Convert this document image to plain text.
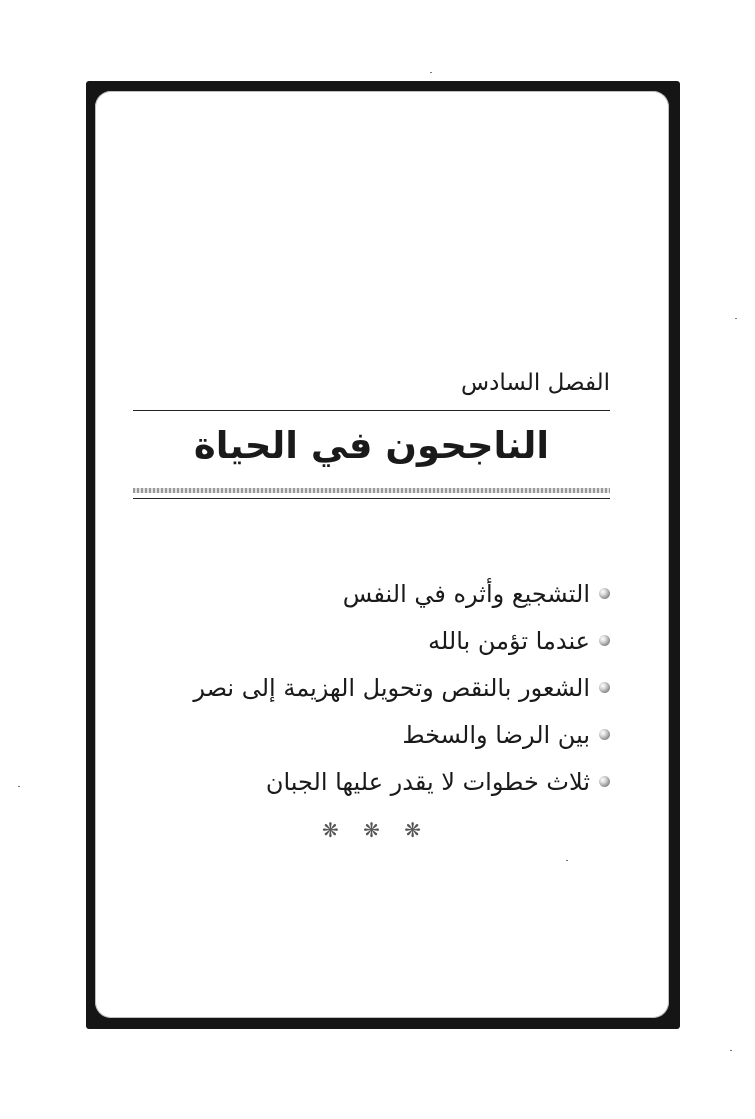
الفصل السادس
الناجحون في الحياة
التشجيع وأثره في النفس
عندما تؤمن بالله
الشعور بالنقص وتحويل الهزيمة إلى نصر
بين الرضا والسخط
ثلاث خطوات لا يقدر عليها الجبان
❋ ❋ ❋
